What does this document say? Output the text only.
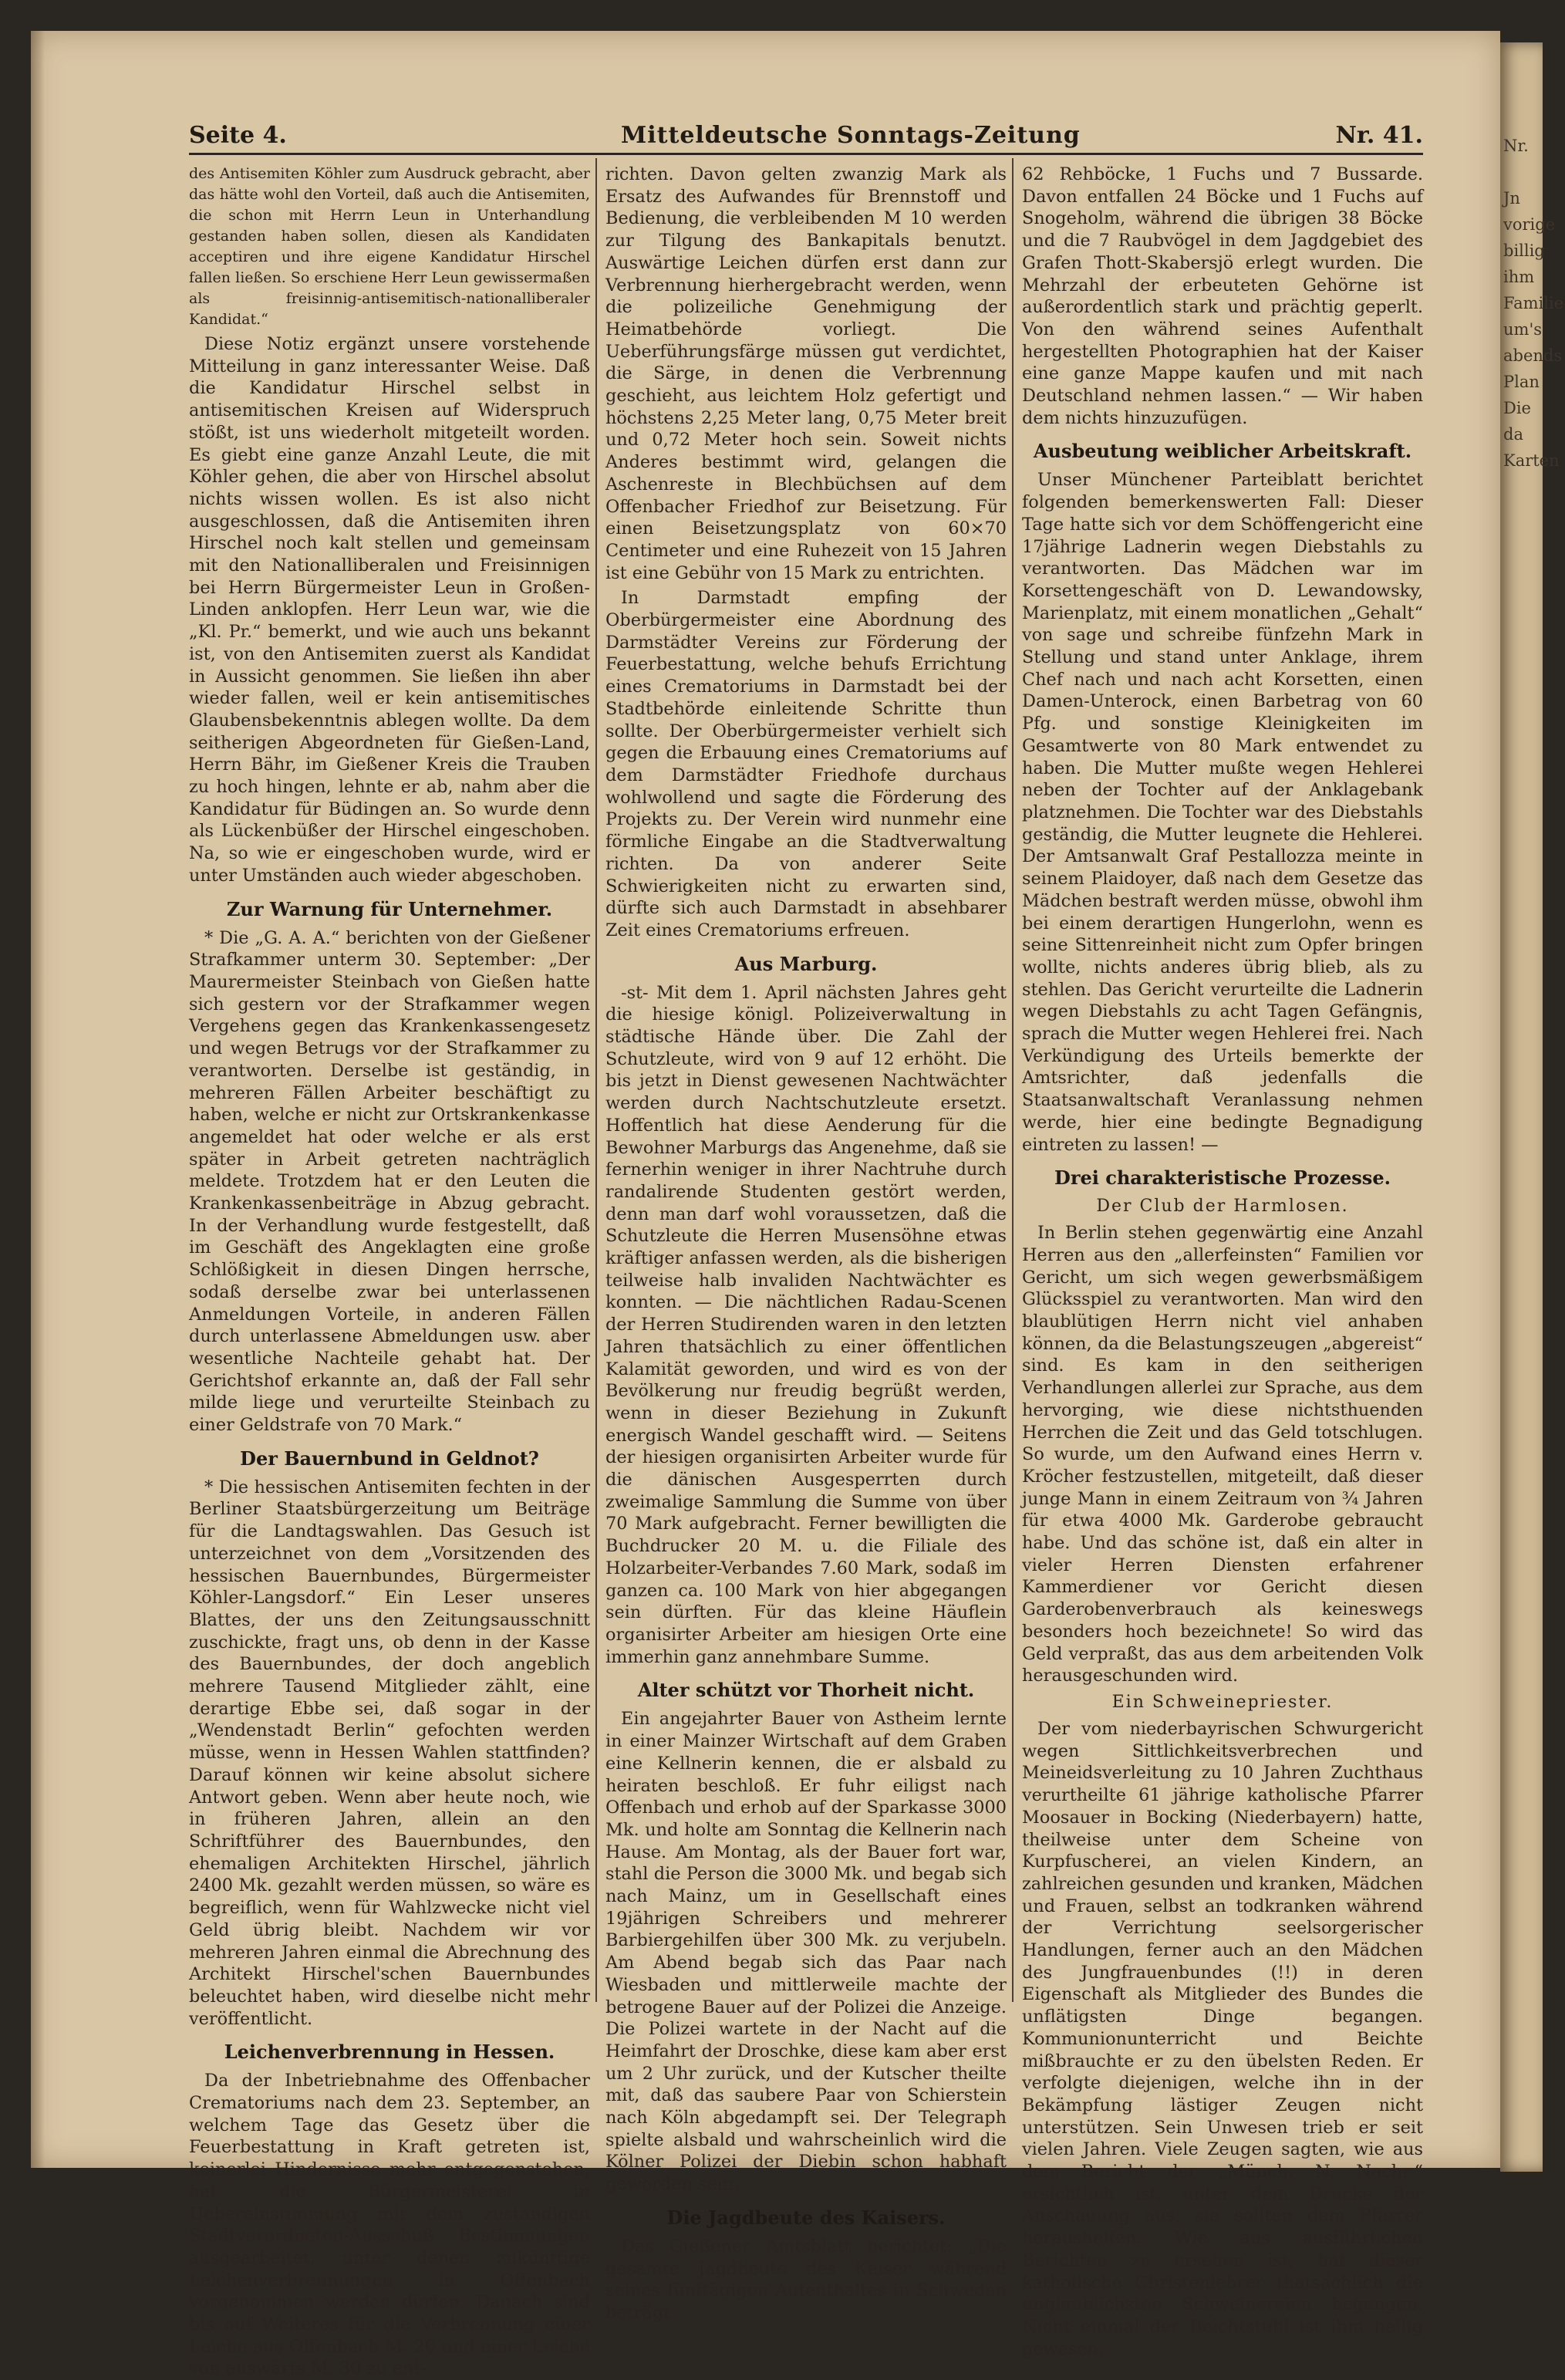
Nr.
Jn
vorige
billig
ihm
Familie
um's
abends
Plan
Die
da
Karten
Seite 4.	Mitteldeutsche Sonntags-Zeitung	Nr. 41.

des Antisemiten Köhler zum Ausdruck gebracht, aber das hätte wohl den Vorteil, daß auch die Antisemiten, die schon mit Herrn Leun in Unterhandlung gestanden haben sollen, diesen als Kandidaten acceptiren und ihre eigene Kandidatur Hirschel fallen ließen. So erschiene Herr Leun gewissermaßen als freisinnig-antisemitisch-nationalliberaler Kandidat.“

Diese Notiz ergänzt unsere vorstehende Mitteilung in ganz interessanter Weise. Daß die Kandidatur Hirschel selbst in antisemitischen Kreisen auf Widerspruch stößt, ist uns wiederholt mitgeteilt worden. Es giebt eine ganze Anzahl Leute, die mit Köhler gehen, die aber von Hirschel absolut nichts wissen wollen. Es ist also nicht ausgeschlossen, daß die Antisemiten ihren Hirschel noch kalt stellen und gemeinsam mit den Nationalliberalen und Freisinnigen bei Herrn Bürgermeister Leun in Großen-Linden anklopfen. Herr Leun war, wie die „Kl. Pr.“ bemerkt, und wie auch uns bekannt ist, von den Antisemiten zuerst als Kandidat in Aussicht genommen. Sie ließen ihn aber wieder fallen, weil er kein antisemitisches Glaubensbekenntnis ablegen wollte. Da dem seitherigen Abgeordneten für Gießen-Land, Herrn Bähr, im Gießener Kreis die Trauben zu hoch hingen, lehnte er ab, nahm aber die Kandidatur für Büdingen an. So wurde denn als Lückenbüßer der Hirschel eingeschoben. Na, so wie er eingeschoben wurde, wird er unter Umständen auch wieder abgeschoben.

Zur Warnung für Unternehmer.

* Die „G. A. A.“ berichten von der Gießener Strafkammer unterm 30. September: „Der Maurermeister Steinbach von Gießen hatte sich gestern vor der Strafkammer wegen Vergehens gegen das Krankenkassengesetz und wegen Betrugs vor der Strafkammer zu verantworten. Derselbe ist geständig, in mehreren Fällen Arbeiter beschäftigt zu haben, welche er nicht zur Ortskrankenkasse angemeldet hat oder welche er als erst später in Arbeit getreten nachträglich meldete. Trotzdem hat er den Leuten die Krankenkassenbeiträge in Abzug gebracht. In der Verhandlung wurde festgestellt, daß im Geschäft des Angeklagten eine große Schlößigkeit in diesen Dingen herrsche, sodaß derselbe zwar bei unterlassenen Anmeldungen Vorteile, in anderen Fällen durch unterlassene Abmeldungen usw. aber wesentliche Nachteile gehabt hat. Der Gerichtshof erkannte an, daß der Fall sehr milde liege und verurteilte Steinbach zu einer Geldstrafe von 70 Mark.“

Der Bauernbund in Geldnot?

* Die hessischen Antisemiten fechten in der Berliner Staatsbürgerzeitung um Beiträge für die Landtagswahlen. Das Gesuch ist unterzeichnet von dem „Vorsitzenden des hessischen Bauernbundes, Bürgermeister Köhler-Langsdorf.“ Ein Leser unseres Blattes, der uns den Zeitungsausschnitt zuschickte, fragt uns, ob denn in der Kasse des Bauernbundes, der doch angeblich mehrere Tausend Mitglieder zählt, eine derartige Ebbe sei, daß sogar in der „Wendenstadt Berlin“ gefochten werden müsse, wenn in Hessen Wahlen stattfinden? Darauf können wir keine absolut sichere Antwort geben. Wenn aber heute noch, wie in früheren Jahren, allein an den Schriftführer des Bauernbundes, den ehemaligen Architekten Hirschel, jährlich 2400 Mk. gezahlt werden müssen, so wäre es begreiflich, wenn für Wahlzwecke nicht viel Geld übrig bleibt. Nachdem wir vor mehreren Jahren einmal die Abrechnung des Architekt Hirschel'schen Bauernbundes beleuchtet haben, wird dieselbe nicht mehr veröffentlicht.

Leichenverbrennung in Hessen.

Da der Inbetriebnahme des Offenbacher Crematoriums nach dem 23. September, an welchem Tage das Gesetz über die Feuerbestattung in Kraft getreten ist, keinerlei Hindernisse mehr entgegenstehen, hat die Bürgermeisterei in Uebereinstimmung mit dem zuständigen Stadtverordneten-Ausschuß Bestimmungen ausgearbeitet, unter denen zukünftige Leichenverbrennungen in Offenbach vorgenommen werden dürfen. Danach sind bis auf Weiteres für die Verbrennung einer Leiche aus Offenbach M. 20 und einer Leiche von auswärts M. 30 zu ent-

richten. Davon gelten zwanzig Mark als Ersatz des Aufwandes für Brennstoff und Bedienung, die verbleibenden M 10 werden zur Tilgung des Bankapitals benutzt. Auswärtige Leichen dürfen erst dann zur Verbrennung hierhergebracht werden, wenn die polizeiliche Genehmigung der Heimatbehörde vorliegt. Die Ueberführungsfärge müssen gut verdichtet, die Särge, in denen die Verbrennung geschieht, aus leichtem Holz gefertigt und höchstens 2,25 Meter lang, 0,75 Meter breit und 0,72 Meter hoch sein. Soweit nichts Anderes bestimmt wird, gelangen die Aschenreste in Blechbüchsen auf dem Offenbacher Friedhof zur Beisetzung. Für einen Beisetzungsplatz von 60×70 Centimeter und eine Ruhezeit von 15 Jahren ist eine Gebühr von 15 Mark zu entrichten.

In Darmstadt empfing der Oberbürgermeister eine Abordnung des Darmstädter Vereins zur Förderung der Feuerbestattung, welche behufs Errichtung eines Crematoriums in Darmstadt bei der Stadtbehörde einleitende Schritte thun sollte. Der Oberbürgermeister verhielt sich gegen die Erbauung eines Crematoriums auf dem Darmstädter Friedhofe durchaus wohlwollend und sagte die Förderung des Projekts zu. Der Verein wird nunmehr eine förmliche Eingabe an die Stadtverwaltung richten. Da von anderer Seite Schwierigkeiten nicht zu erwarten sind, dürfte sich auch Darmstadt in absehbarer Zeit eines Crematoriums erfreuen.

Aus Marburg.

-st- Mit dem 1. April nächsten Jahres geht die hiesige königl. Polizeiverwaltung in städtische Hände über. Die Zahl der Schutzleute, wird von 9 auf 12 erhöht. Die bis jetzt in Dienst gewesenen Nachtwächter werden durch Nachtschutzleute ersetzt. Hoffentlich hat diese Aenderung für die Bewohner Marburgs das Angenehme, daß sie fernerhin weniger in ihrer Nachtruhe durch randalirende Studenten gestört werden, denn man darf wohl voraussetzen, daß die Schutzleute die Herren Musensöhne etwas kräftiger anfassen werden, als die bisherigen teilweise halb invaliden Nachtwächter es konnten. — Die nächtlichen Radau-Scenen der Herren Studirenden waren in den letzten Jahren thatsächlich zu einer öffentlichen Kalamität geworden, und wird es von der Bevölkerung nur freudig begrüßt werden, wenn in dieser Beziehung in Zukunft energisch Wandel geschafft wird. — Seitens der hiesigen organisirten Arbeiter wurde für die dänischen Ausgesperrten durch zweimalige Sammlung die Summe von über 70 Mark aufgebracht. Ferner bewilligten die Buchdrucker 20 M. u. die Filiale des Holzarbeiter-Verbandes 7.60 Mark, sodaß im ganzen ca. 100 Mark von hier abgegangen sein dürften. Für das kleine Häuflein organisirter Arbeiter am hiesigen Orte eine immerhin ganz annehmbare Summe.

Alter schützt vor Thorheit nicht.

Ein angejahrter Bauer von Astheim lernte in einer Mainzer Wirtschaft auf dem Graben eine Kellnerin kennen, die er alsbald zu heiraten beschloß. Er fuhr eiligst nach Offenbach und erhob auf der Sparkasse 3000 Mk. und holte am Sonntag die Kellnerin nach Hause. Am Montag, als der Bauer fort war, stahl die Person die 3000 Mk. und begab sich nach Mainz, um in Gesellschaft eines 19jährigen Schreibers und mehrerer Barbiergehilfen über 300 Mk. zu verjubeln. Am Abend begab sich das Paar nach Wiesbaden und mittlerweile machte der betrogene Bauer auf der Polizei die Anzeige. Die Polizei wartete in der Nacht auf die Heimfahrt der Droschke, diese kam aber erst um 2 Uhr zurück, und der Kutscher theilte mit, daß das saubere Paar von Schierstein nach Köln abgedampft sei. Der Telegraph spielte alsbald und wahrscheinlich wird die Kölner Polizei der Diebin schon habhaft geworden sein.

Die Jagdbeute des Kaisers.

Das Gießener Amtsblatt berichtet: „Die gesamte Jagdbeute des Kaiser während seines fünftägigen Aufenthaltes in Schweden beträgt

62 Rehböcke, 1 Fuchs und 7 Bussarde. Davon entfallen 24 Böcke und 1 Fuchs auf Snogeholm, während die übrigen 38 Böcke und die 7 Raubvögel in dem Jagdgebiet des Grafen Thott-Skabersjö erlegt wurden. Die Mehrzahl der erbeuteten Gehörne ist außerordentlich stark und prächtig geperlt. Von den während seines Aufenthalt hergestellten Photographien hat der Kaiser eine ganze Mappe kaufen und mit nach Deutschland nehmen lassen.“ — Wir haben dem nichts hinzuzufügen.

Ausbeutung weiblicher Arbeitskraft.

Unser Münchener Parteiblatt berichtet folgenden bemerkenswerten Fall: Dieser Tage hatte sich vor dem Schöffengericht eine 17jährige Ladnerin wegen Diebstahls zu verantworten. Das Mädchen war im Korsettengeschäft von D. Lewandowsky, Marienplatz, mit einem monatlichen „Gehalt“ von sage und schreibe fünfzehn Mark in Stellung und stand unter Anklage, ihrem Chef nach und nach acht Korsetten, einen Damen-Unterock, einen Barbetrag von 60 Pfg. und sonstige Kleinigkeiten im Gesamtwerte von 80 Mark entwendet zu haben. Die Mutter mußte wegen Hehlerei neben der Tochter auf der Anklagebank platznehmen. Die Tochter war des Diebstahls geständig, die Mutter leugnete die Hehlerei. Der Amtsanwalt Graf Pestallozza meinte in seinem Plaidoyer, daß nach dem Gesetze das Mädchen bestraft werden müsse, obwohl ihm bei einem derartigen Hungerlohn, wenn es seine Sittenreinheit nicht zum Opfer bringen wollte, nichts anderes übrig blieb, als zu stehlen. Das Gericht verurteilte die Ladnerin wegen Diebstahls zu acht Tagen Gefängnis, sprach die Mutter wegen Hehlerei frei. Nach Verkündigung des Urteils bemerkte der Amtsrichter, daß jedenfalls die Staatsanwaltschaft Veranlassung nehmen werde, hier eine bedingte Begnadigung eintreten zu lassen! —

Drei charakteristische Prozesse.
Der Club der Harmlosen.

In Berlin stehen gegenwärtig eine Anzahl Herren aus den „allerfeinsten“ Familien vor Gericht, um sich wegen gewerbsmäßigem Glücksspiel zu verantworten. Man wird den blaublütigen Herrn nicht viel anhaben können, da die Belastungszeugen „abgereist“ sind. Es kam in den seitherigen Verhandlungen allerlei zur Sprache, aus dem hervorging, wie diese nichtsthuenden Herrchen die Zeit und das Geld totschlugen. So wurde, um den Aufwand eines Herrn v. Kröcher festzustellen, mitgeteilt, daß dieser junge Mann in einem Zeitraum von ¾ Jahren für etwa 4000 Mk. Garderobe gebraucht habe. Und das schöne ist, daß ein alter in vieler Herren Diensten erfahrener Kammerdiener vor Gericht diesen Garderobenverbrauch als keineswegs besonders hoch bezeichnete! So wird das Geld verpraßt, das aus dem arbeitenden Volk herausgeschunden wird.

Ein Schweinepriester.

Der vom niederbayrischen Schwurgericht wegen Sittlichkeitsverbrechen und Meineidsverleitung zu 10 Jahren Zuchthaus verurtheilte 61 jährige katholische Pfarrer Moosauer in Bocking (Niederbayern) hatte, theilweise unter dem Scheine von Kurpfuscherei, an vielen Kindern, an zahlreichen gesunden und kranken, Mädchen und Frauen, selbst an todkranken während der Verrichtung seelsorgerischer Handlungen, ferner auch an den Mädchen des Jungfrauenbundes (!!) in deren Eigenschaft als Mitglieder des Bundes die unflätigsten Dinge begangen. Kommunionunterricht und Beichte mißbrauchte er zu den übelsten Reden. Er verfolgte diejenigen, welche ihn in der Bekämpfung lästiger Zeugen nicht unterstützen. Sein Unwesen trieb er seit vielen Jahren. Viele Zeugen sagten, wie aus dem Bericht der „Münch. N. Nachr.“ ersichtlich ist, unter dem Drucke der Anschauung aus, sie sollten dem Pfarrer heraushelfen. Wie aus ausführlichen Berichten zu ersehen ist, hat dieser katholische Christenlehrer thatsächlich die unglaublichsten Schweinereien begangen. Nicht einmal der Beichtstuhl ist ihm heilig gewesen.
